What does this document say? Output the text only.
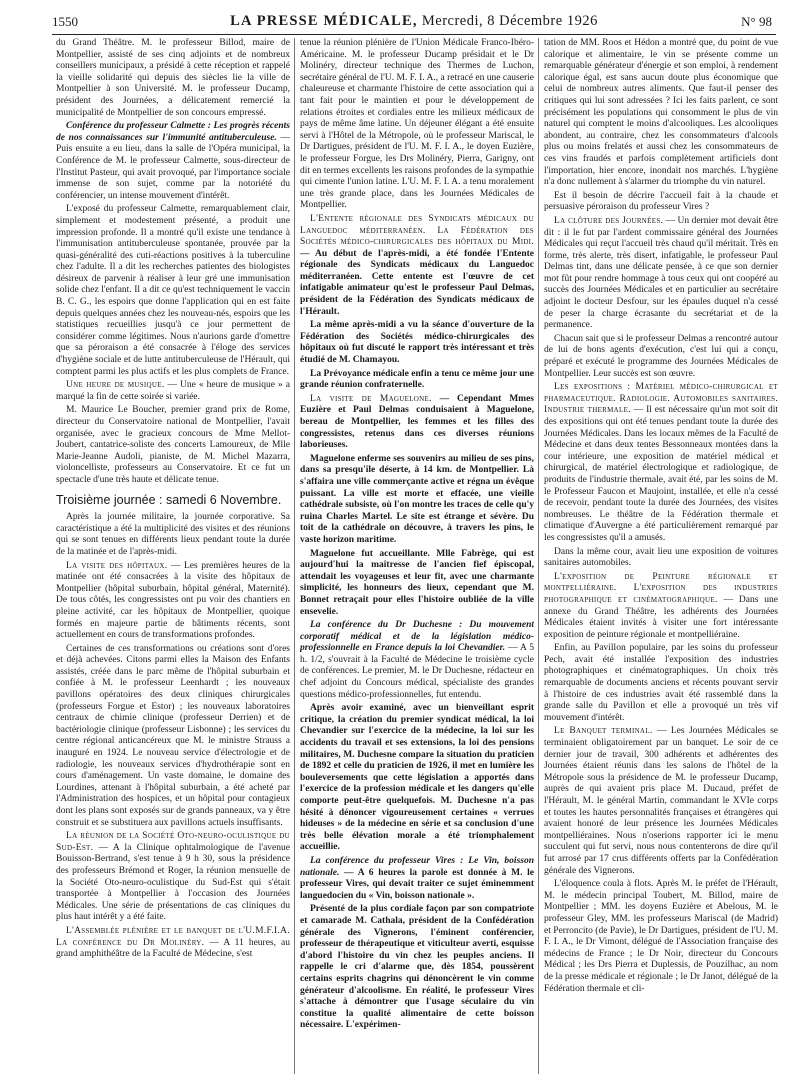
1550	LA PRESSE MÉDICALE, Mercredi, 8 Décembre 1926	N° 98

du Grand Théâtre. M. le professeur Billod, maire de Montpellier, assisté de ses cinq adjoints et de nombreux conseillers municipaux, a présidé à cette réception et rappelé la vieille solidarité qui depuis des siècles lie la ville de Montpellier à son Université. M. le professeur Ducamp, président des Journées, a délicatement remercié la municipalité de Montpellier de son concours empressé.

Conférence du professeur Calmette : Les progrès récents de nos connaissances sur l'immunité antituberculeuse. — Puis ensuite a eu lieu, dans la salle de l'Opéra municipal, la Conférence de M. le professeur Calmette, sous-directeur de l'Institut Pasteur, qui avait provoqué, par l'importance sociale immense de son sujet, comme par la notoriété du conférencier, un intense mouvement d'intérêt.

L'exposé du professeur Calmette, remarquablement clair, simplement et modestement présenté, a produit une impression profonde. Il a montré qu'il existe une tendance à l'immunisation antituberculeuse spontanée, prouvée par la quasi-généralité des cuti-réactions positives à la tuberculine chez l'adulte. Il a dit les recherches patientes des biologistes désireux de parvenir à réaliser à leur gré une immunisation solide chez l'enfant. Il a dit ce qu'est techniquement le vaccin B. C. G., les espoirs que donne l'application qui en est faite depuis quelques années chez les nouveau-nés, espoirs que les statistiques recueillies jusqu'à ce jour permettent de considérer comme légitimes. Nous n'aurions garde d'omettre que sa péroraison a été consacrée à l'éloge des services d'hygiène sociale et de lutte antituberculeuse de l'Hérault, qui comptent parmi les plus actifs et les plus complets de France.

Une heure de musique. — Une « heure de musique » a marqué la fin de cette soirée si variée.

M. Maurice Le Boucher, premier grand prix de Rome, directeur du Conservatoire national de Montpellier, l'avait organisée, avec le gracieux concours de Mme Mellot-Joubert, cantatrice-soliste des concerts Lamoureux, de Mlle Marie-Jeanne Audoli, pianiste, de M. Michel Mazarra, violoncelliste, professeurs au Conservatoire. Et ce fut un spectacle d'une très haute et délicate tenue.

Troisième journée : samedi 6 Novembre.

Après la journée militaire, la journée corporative. Sa caractéristique a été la multiplicité des visites et des réunions qui se sont tenues en différents lieux pendant toute la durée de la matinée et de l'après-midi.

La visite des hôpitaux. — Les premières heures de la matinée ont été consacrées à la visite des hôpitaux de Montpellier (hôpital suburbain, hôpital général, Maternité). De tous côtés, les congressistes ont pu voir des chantiers en pleine activité, car les hôpitaux de Montpellier, quoique formés en majeure partie de bâtiments récents, sont actuellement en cours de transformations profondes.

Certaines de ces transformations ou créations sont d'ores et déjà achevées. Citons parmi elles la Maison des Enfants assistés, créée dans le parc même de l'hôpital suburbain et confiée à M. le professeur Leenhardt ; les nouveaux pavillons opératoires des deux cliniques chirurgicales (professeurs Forgue et Estor) ; les nouveaux laboratoires centraux de chimie clinique (professeur Derrien) et de bactériologie clinique (professeur Lisbonne) ; les services du centre régional anticancéreux que M. le ministre Strauss a inauguré en 1924. Le nouveau service d'électrologie et de radiologie, les nouveaux services d'hydrothérapie sont en cours d'aménagement. Un vaste domaine, le domaine des Lourdines, attenant à l'hôpital suburbain, a été acheté par l'Administration des hospices, et un hôpital pour contagieux dont les plans sont exposés sur de grands panneaux, va y être construit et se substituera aux pavillons actuels insuffisants.

La réunion de la Société Oto-neuro-oculistique du Sud-Est. — A la Clinique ophtalmologique de l'avenue Bouisson-Bertrand, s'est tenue à 9 h 30, sous la présidence des professeurs Brémond et Roger, la réunion mensuelle de la Société Oto-neuro-oculistique du Sud-Est qui s'était transportée à Montpellier à l'occasion des Journées Médicales. Une série de présentations de cas cliniques du plus haut intérêt y a été faite.

L'Assemblée plénière et le banquet de l'U.M.F.I.A. La conférence du Dr Molinéry. — A 11 heures, au grand amphithéâtre de la Faculté de Médecine, s'est

tenue la réunion plénière de l'Union Médicale Franco-Ibéro-Américaine. M. le professeur Ducamp présidait et le Dr Molinéry, directeur technique des Thermes de Luchon, secrétaire général de l'U. M. F. I. A., a retracé en une causerie chaleureuse et charmante l'histoire de cette association qui a tant fait pour le maintien et pour le développement de relations étroites et cordiales entre les milieux médicaux de pays de même âme latine. Un déjeuner élégant a été ensuite servi à l'Hôtel de la Métropole, où le professeur Mariscal, le Dr Dartigues, président de l'U. M. F. I. A., le doyen Euzière, le professeur Forgue, les Drs Molinéry, Pierra, Garigny, ont dit en termes excellents les raisons profondes de la sympathie qui cimente l'union latine. L'U. M. F. I. A. a tenu moralement une très grande place, dans les Journées Médicales de Montpellier.

L'Entente régionale des Syndicats médicaux du Languedoc méditerranéen. La Fédération des Sociétés médico-chirurgicales des hôpitaux du Midi. — Au début de l'après-midi, a été fondée l'Entente régionale des Syndicats médicaux du Languedoc méditerranéen. Cette entente est l'œuvre de cet infatigable animateur qu'est le professeur Paul Delmas, président de la Fédération des Syndicats médicaux de l'Hérault.

La même après-midi a vu la séance d'ouverture de la Fédération des Sociétés médico-chirurgicales des hôpitaux où fut discuté le rapport très intéressant et très étudié de M. Chamayou.

La Prévoyance médicale enfin a tenu ce même jour une grande réunion confraternelle.

La visite de Maguelone. — Cependant Mmes Euzière et Paul Delmas conduisaient à Maguelone, bereau de Montpellier, les femmes et les filles des congressistes, retenus dans ces diverses réunions laborieuses.

Maguelone enferme ses souvenirs au milieu de ses pins, dans sa presqu'île déserte, à 14 km. de Montpellier. Là s'affaira une ville commerçante active et régna un évêque puissant. La ville est morte et effacée, une vieille cathédrale subsiste, où l'on montre les traces de celle qu'y ruina Charles Martel. Le site est étrange et sévère. Du toit de la cathédrale on découvre, à travers les pins, le vaste horizon maritime.

Maguelone fut accueillante. Mlle Fabrège, qui est aujourd'hui la maîtresse de l'ancien fief épiscopal, attendait les voyageuses et leur fit, avec une charmante simplicité, les honneurs des lieux, cependant que M. Bonnet retraçait pour elles l'histoire oubliée de la ville ensevelie.

La conférence du Dr Duchesne : Du mouvement corporatif médical et de la législation médico-professionnelle en France depuis la loi Chevandier. — A 5 h. 1/2, s'ouvrait à la Faculté de Médecine le troisième cycle de conférences. Le premier, M. le Dr Duchesne, rédacteur en chef adjoint du Concours médical, spécialiste des grandes questions médico-professionnelles, fut entendu.

Après avoir examiné, avec un bienveillant esprit critique, la création du premier syndicat médical, la loi Chevandier sur l'exercice de la médecine, la loi sur les accidents du travail et ses extensions, la loi des pensions militaires, M. Duchesne compare la situation du praticien de 1892 et celle du praticien de 1926, il met en lumière les bouleversements que cette législation a apportés dans l'exercice de la profession médicale et les dangers qu'elle comporte peut-être quelquefois. M. Duchesne n'a pas hésité à dénoncer vigoureusement certaines « verrues hideuses » de la médecine en série et sa conclusion d'une très belle élévation morale a été triomphalement accueillie.

La conférence du professeur Vires : Le Vin, boisson nationale. — A 6 heures la parole est donnée à M. le professeur Vires, qui devait traiter ce sujet éminemment languedocien du « Vin, boisson nationale ».

Présenté de la plus cordiale façon par son compatriote et camarade M. Cathala, président de la Confédération générale des Vignerons, l'éminent conférencier, professeur de thérapeutique et viticulteur averti, esquisse d'abord l'histoire du vin chez les peuples anciens. Il rappelle le cri d'alarme que, dès 1854, poussèrent certains esprits chagrins qui dénoncèrent le vin comme générateur d'alcoolisme. En réalité, le professeur Vires s'attache à démontrer que l'usage séculaire du vin constitue la qualité alimentaire de cette boisson nécessaire. L'expérimen-

tation de MM. Roos et Hédon a montré que, du point de vue calorique et alimentaire, le vin se présente comme un remarquable générateur d'énergie et son emploi, à rendement calorique égal, est sans aucun doute plus économique que celui de nombreux autres aliments. Que faut-il penser des critiques qui lui sont adressées ? Ici les faits parlent, ce sont précisément les populations qui consomment le plus de vin naturel qui comptent le moins d'alcooliques. Les alcooliques abondent, au contraire, chez les consommateurs d'alcools plus ou moins frelatés et aussi chez les consommateurs de ces vins fraudés et parfois complètement artificiels dont l'importation, hier encore, inondait nos marchés. L'hygiène n'a donc nullement à s'alarmer du triomphe du vin naturel.

Est il besoin de décrire l'accueil fait à la chaude et persuasive péroraison du professeur Vires ?

La clôture des Journées. — Un dernier mot devait être dit : il le fut par l'ardent commissaire général des Journées Médicales qui reçut l'accueil très chaud qu'il méritait. Très en forme, très alerte, très disert, infatigable, le professeur Paul Delmas tint, dans une délicate pensée, à ce que son dernier mot fût pour rendre hommage à tous ceux qui ont coopéré au succès des Journées Médicales et en particulier au secrétaire adjoint le docteur Desfour, sur les épaules duquel n'a cessé de peser la charge écrasante du secrétariat et de la permanence.

Chacun sait que si le professeur Delmas a rencontré autour de lui de bons agents d'exécution, c'est lui qui a conçu, préparé et exécuté le programme des Journées Médicales de Montpellier. Leur succès est son œuvre.

Les expositions : Matériel médico-chirurgical et pharmaceutique. Radiologie. Automobiles sanitaires. Industrie thermale. — Il est nécessaire qu'un mot soit dit des expositions qui ont été tenues pendant toute la durée des Journées Médicales. Dans les locaux mêmes de la Faculté de Médecine et dans deux tentes Bessonneaux montées dans la cour intérieure, une exposition de matériel médical et chirurgical, de matériel électrologique et radiologique, de produits de l'industrie thermale, avait été, par les soins de M. le Professeur Faucon et Maujoint, installée, et elle n'a cessé de recevoir, pendant toute la durée des Journées, des visites nombreuses. Le théâtre de la Fédération thermale et climatique d'Auvergne a été particulièrement remarqué par les congressistes qu'il a amusés.

Dans la même cour, avait lieu une exposition de voitures sanitaires automobiles.

L'exposition de Peinture régionale et montpelliéraine. L'exposition des industries photographique et cinématographique. — Dans une annexe du Grand Théâtre, les adhérents des Journées Médicales étaient invités à visiter une fort intéressante exposition de peinture régionale et montpelliéraine.

Enfin, au Pavillon populaire, par les soins du professeur Pech, avait été installée l'exposition des industries photographiques et cinématographiques. Un choix très remarquable de documents anciens et récents pouvant servir à l'histoire de ces industries avait été rassemblé dans la grande salle du Pavillon et elle a provoqué un très vif mouvement d'intérêt.

Le Banquet terminal. — Les Journées Médicales se terminaient obligatoirement par un banquet. Le soir de ce dernier jour de travail, 300 adhérents et adhérentes des Journées étaient réunis dans les salons de l'hôtel de la Métropole sous la présidence de M. le professeur Ducamp, auprès de qui avaient pris place M. Ducaud, préfet de l'Hérault, M. le général Martin, commandant le XVIe corps et toutes les hautes personnalités françaises et étrangères qui avaient honoré de leur présence les Journées Médicales montpelliéraines. Nous n'oserions rapporter ici le menu succulent qui fut servi, nous nous contenterons de dire qu'il fut arrosé par 17 crus différents offerts par la Confédération générale des Vignerons.

L'éloquence coula à flots. Après M. le préfet de l'Hérault, M. le médecin principal Toubert, M. Billod, maire de Montpellier ; MM. les doyens Euzière et Abelous, M. le professeur Gley, MM. les professeurs Mariscal (de Madrid) et Perroncito (de Pavie), le Dr Dartigues, président de l'U. M. F. I. A., le Dr Vimont, délégué de l'Association française des médecins de France ; le Dr Noir, directeur du Concours Médical ; les Drs Pierra et Duplessis, de Pouzilhac, au nom de la presse médicale et régionale ; le Dr Janot, délégué de la Fédération thermale et cli-
